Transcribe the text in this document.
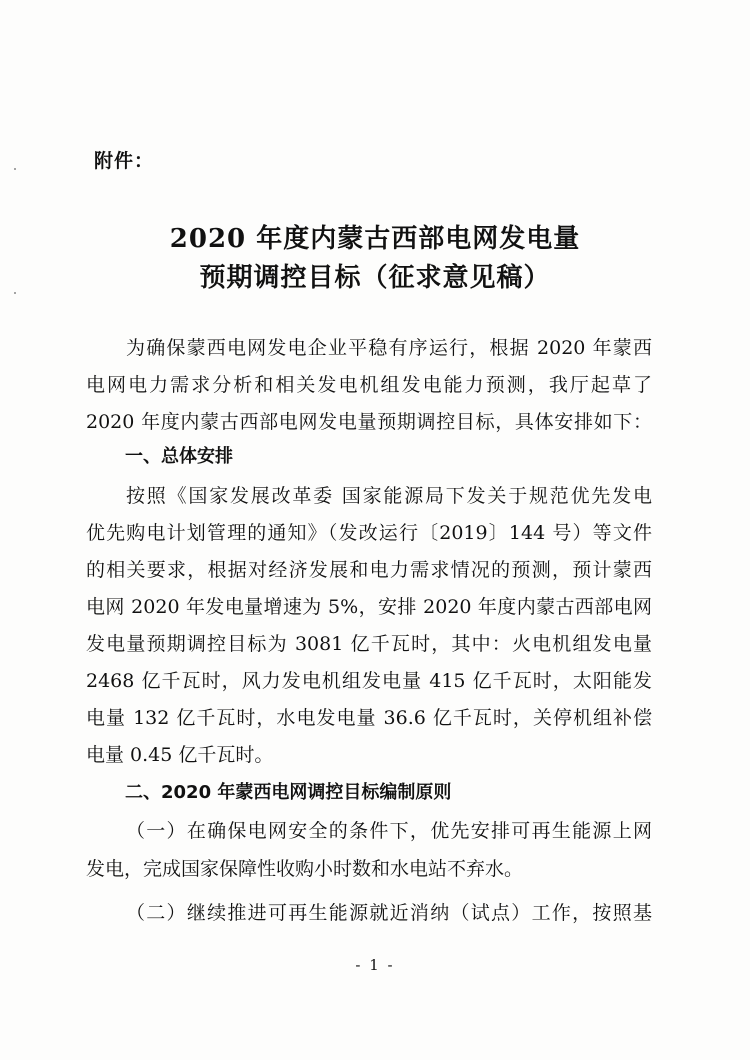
附件：
2020 年度内蒙古西部电网发电量
预期调控目标（征求意见稿）
为确保蒙西电网发电企业平稳有序运行，根据 2020 年蒙西
电网电力需求分析和相关发电机组发电能力预测，我厅起草了
2020 年度内蒙古西部电网发电量预期调控目标，具体安排如下：
一、总体安排
按照《国家发展改革委 国家能源局下发关于规范优先发电
优先购电计划管理的通知》（发改运行〔2019〕144 号）等文件
的相关要求，根据对经济发展和电力需求情况的预测，预计蒙西
电网 2020 年发电量增速为 5%，安排 2020 年度内蒙古西部电网
发电量预期调控目标为 3081 亿千瓦时，其中：火电机组发电量
2468 亿千瓦时，风力发电机组发电量 415 亿千瓦时，太阳能发
电量 132 亿千瓦时，水电发电量 36.6 亿千瓦时，关停机组补偿
电量 0.45 亿千瓦时。
二、2020 年蒙西电网调控目标编制原则
（一）在确保电网安全的条件下，优先安排可再生能源上网
发电，完成国家保障性收购小时数和水电站不弃水。
（二）继续推进可再生能源就近消纳（试点）工作，按照基
- 1 -
